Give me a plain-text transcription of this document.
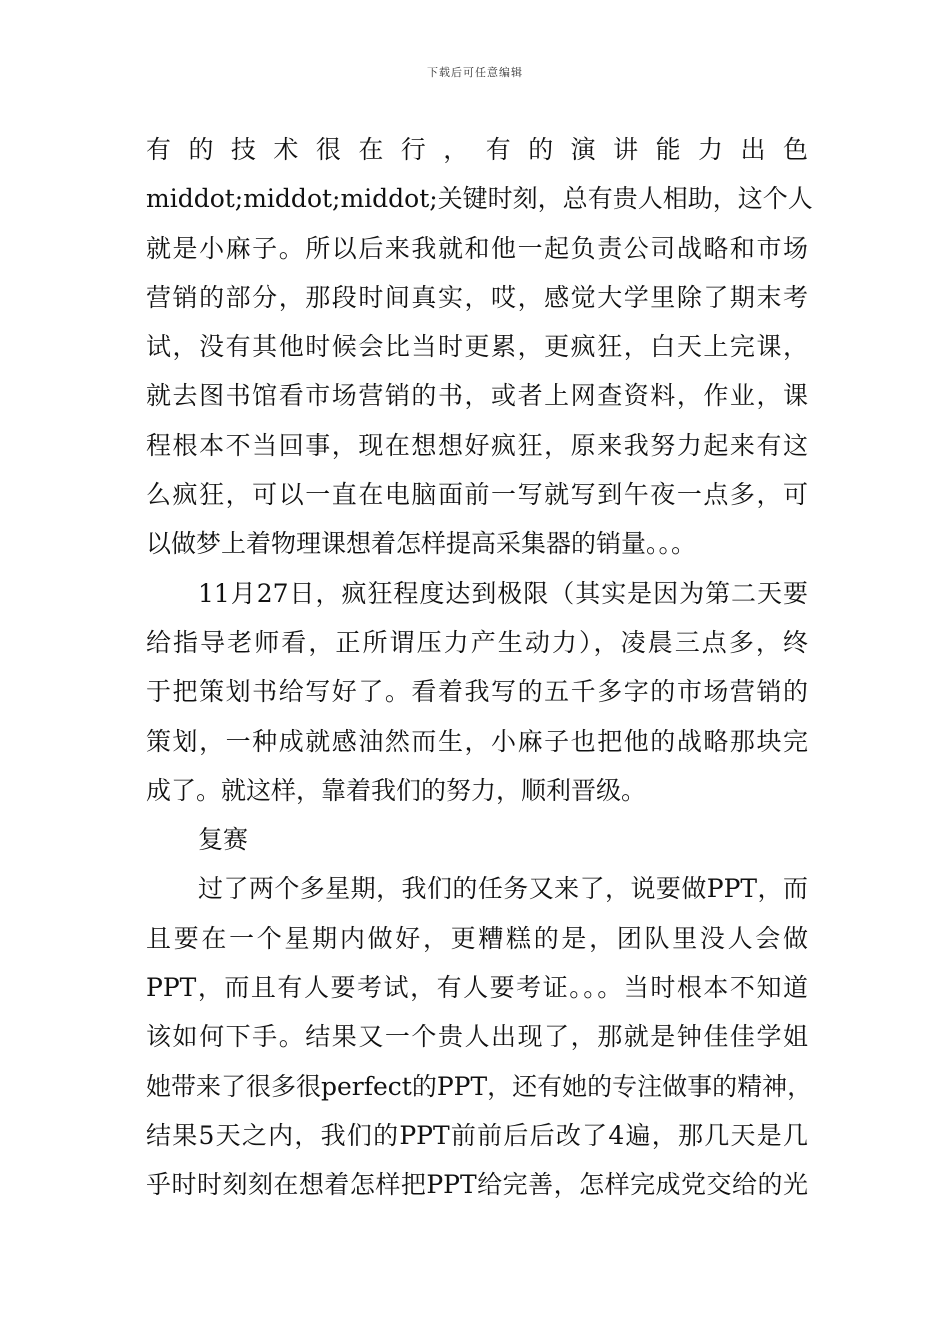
下载后可任意编辑
有的技术很在行，有的演讲能力出色
middot;middot;middot;关键时刻，总有贵人相助，这个人
就是小麻子。所以后来我就和他一起负责公司战略和市场
营销的部分，那段时间真实，哎，感觉大学里除了期末考
试，没有其他时候会比当时更累，更疯狂，白天上完课，
就去图书馆看市场营销的书，或者上网查资料，作业，课
程根本不当回事，现在想想好疯狂，原来我努力起来有这
么疯狂，可以一直在电脑面前一写就写到午夜一点多，可
以做梦上着物理课想着怎样提高采集器的销量。。。
11月27日，疯狂程度达到极限（其实是因为第二天要
给指导老师看，正所谓压力产生动力），凌晨三点多，终
于把策划书给写好了。看着我写的五千多字的市场营销的
策划，一种成就感油然而生，小麻子也把他的战略那块完
成了。就这样，靠着我们的努力，顺利晋级。
复赛
过了两个多星期，我们的任务又来了，说要做PPT，而
且要在一个星期内做好，更糟糕的是，团队里没人会做
PPT，而且有人要考试，有人要考证。。。当时根本不知道
该如何下手。结果又一个贵人出现了，那就是钟佳佳学姐
她带来了很多很perfect的PPT，还有她的专注做事的精神，
结果5天之内，我们的PPT前前后后改了4遍，那几天是几
乎时时刻刻在想着怎样把PPT给完善，怎样完成党交给的光
